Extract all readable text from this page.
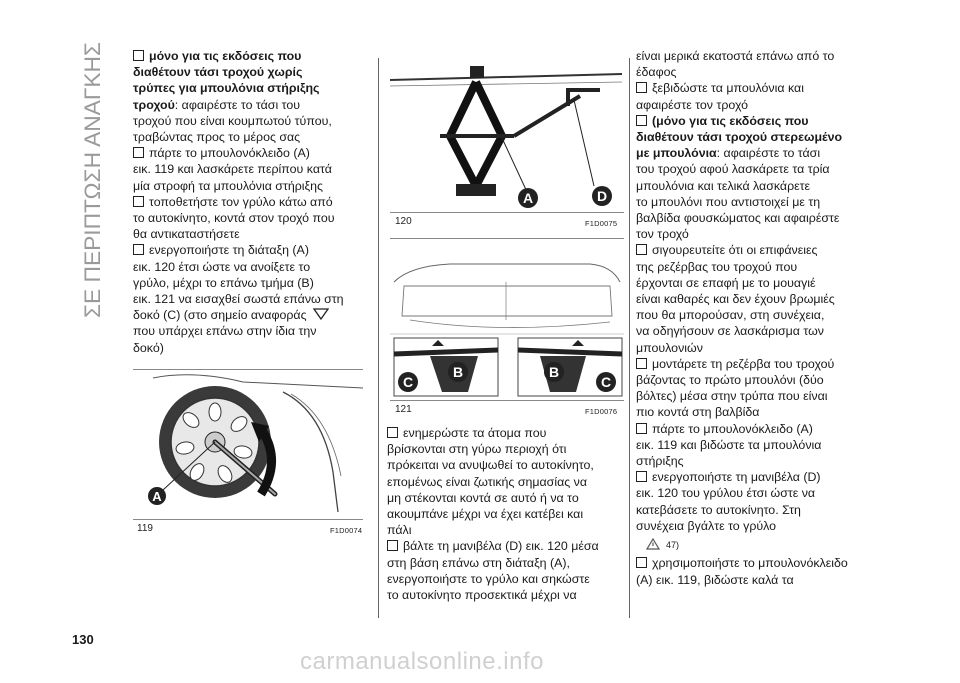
ΣΕ ΠΕΡΙΠΤΩΣΗ ΑΝΑΓΚΗΣ	μόνο για τις εκδόσεις που
διαθέτουν τάσι τροχού χωρίς
τρύπες για μπουλόνια στήριξης
τροχού: αφαιρέστε το τάσι του
τροχού που είναι κουμπωτού τύπου,
τραβώντας προς το μέρος σας
πάρτε το μπουλονόκλειδο (A)
εικ. 119 και λασκάρετε περίπου κατά
μία στροφή τα μπουλόνια στήριξης
τοποθετήστε τον γρύλο κάτω από
το αυτοκίνητο, κοντά στον τροχό που
θα αντικαταστήσετε
ενεργοποιήστε τη διάταξη (A)
εικ. 120 έτσι ώστε να ανοίξετε το
γρύλο, μέχρι το επάνω τμήμα (B)
εικ. 121 να εισαχθεί σωστά επάνω στη
δοκό (C) (στο σημείο αναφοράς
που υπάρχει επάνω στην ίδια την
δοκό)
A
119	F1D0074
A	D
120	F1D0075
B
C
B
C
121	F1D0076
ενημερώστε τα άτομα που
βρίσκονται στη γύρω περιοχή ότι
πρόκειται να ανυψωθεί το αυτοκίνητο,
επομένως είναι ζωτικής σημασίας να
μη στέκονται κοντά σε αυτό ή να το
ακουμπάνε μέχρι να έχει κατέβει και
πάλι
βάλτε τη μανιβέλα (D) εικ. 120 μέσα
στη βάση επάνω στη διάταξη (A),
ενεργοποιήστε το γρύλο και σηκώστε
το αυτοκίνητο προσεκτικά μέχρι να
είναι μερικά εκατοστά επάνω από το
έδαφος
ξεβιδώστε τα μπουλόνια και
αφαιρέστε τον τροχό
(μόνο για τις εκδόσεις που
διαθέτουν τάσι τροχού στερεωμένο
με μπουλόνια: αφαιρέστε το τάσι
του τροχού αφού λασκάρετε τα τρία
μπουλόνια και τελικά λασκάρετε
το μπουλόνι που αντιστοιχεί με τη
βαλβίδα φουσκώματος και αφαιρέστε
τον τροχό
σιγουρευτείτε ότι οι επιφάνειες
της ρεζέρβας του τροχού που
έρχονται σε επαφή με το μουαγιέ
είναι καθαρές και δεν έχουν βρωμιές
που θα μπορούσαν, στη συνέχεια,
να οδηγήσουν σε λασκάρισμα των
μπουλονιών
μοντάρετε τη ρεζέρβα του τροχού
βάζοντας το πρώτο μπουλόνι (δύο
βόλτες) μέσα στην τρύπα που είναι
πιο κοντά στη βαλβίδα
πάρτε το μπουλονόκλειδο (A)
εικ. 119 και βιδώστε τα μπουλόνια
στήριξης
ενεργοποιήστε τη μανιβέλα (D)
εικ. 120 του γρύλου έτσι ώστε να
κατεβάσετε το αυτοκίνητο. Στη
συνέχεια βγάλτε το γρύλο
47)
χρησιμοποιήστε το μπουλονόκλειδο
(A) εικ. 119, βιδώστε καλά τα
130
carmanualsonline.info
